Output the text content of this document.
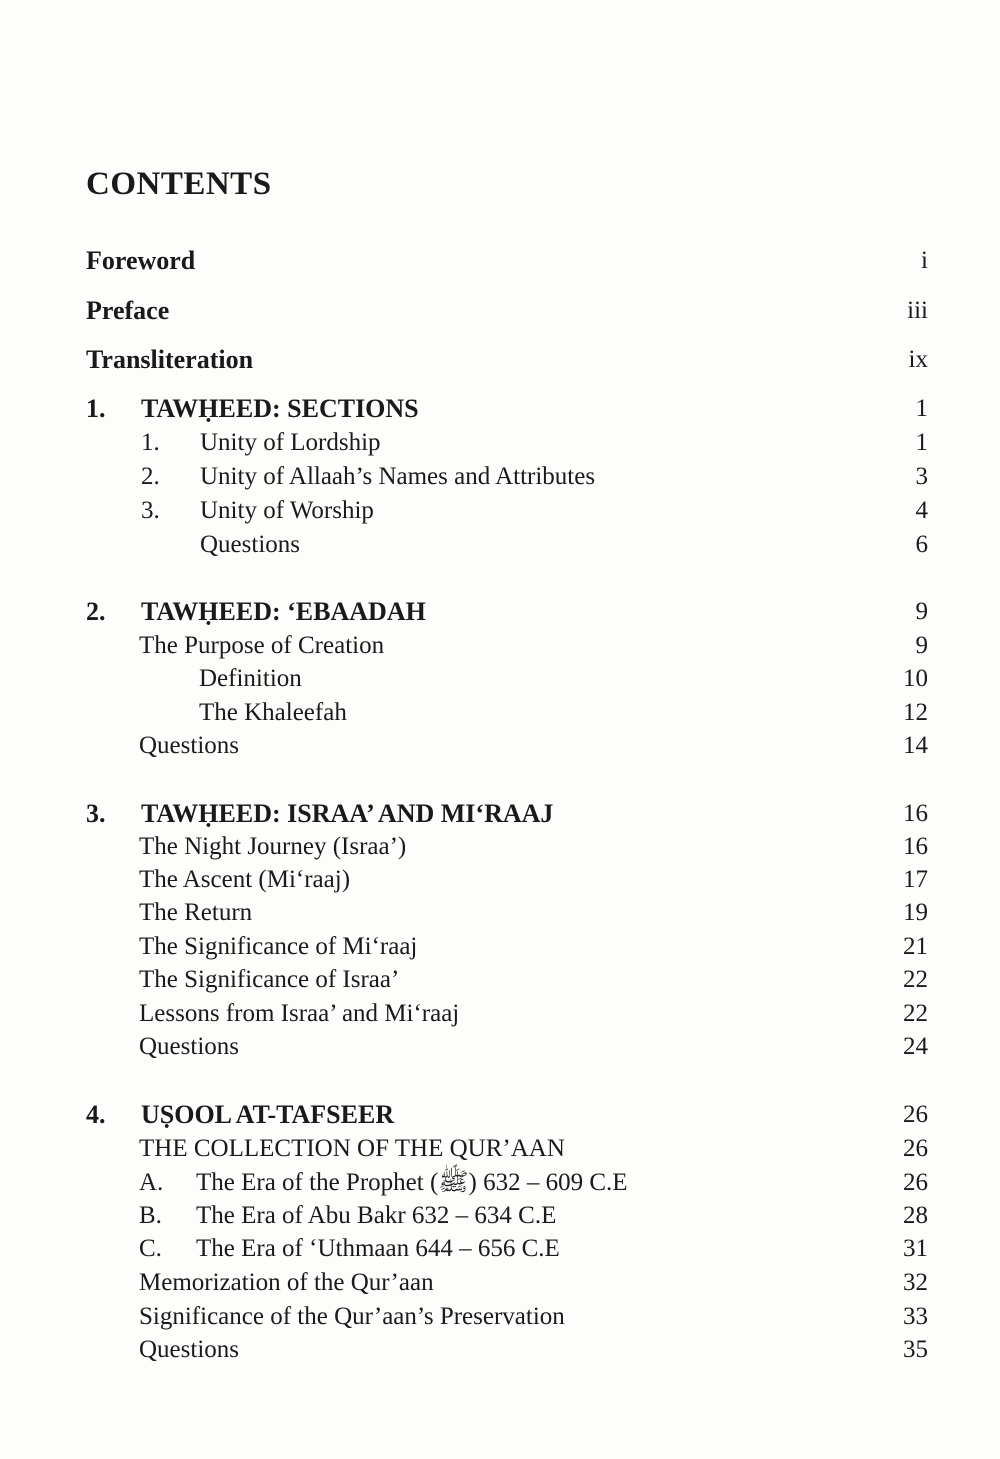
CONTENTS
Foreword	i
Preface	iii
Transliteration	ix
1. TAWḤEED: SECTIONS	1
1. Unity of Lordship	1
2. Unity of Allaah’s Names and Attributes	3
3. Unity of Worship	4
Questions	6
2. TAWḤEED: ‘EBAADAH	9
The Purpose of Creation	9
Definition	10
The Khaleefah	12
Questions	14
3. TAWḤEED: ISRAA’ AND MI‘RAAJ	16
The Night Journey (Israa’)	16
The Ascent (Mi‘raaj)	17
The Return	19
The Significance of Mi‘raaj	21
The Significance of Israa’	22
Lessons from Israa’ and Mi‘raaj	22
Questions	24
4. UṢOOL AT-TAFSEER	26
THE COLLECTION OF THE QUR’AAN	26
A. The Era of the Prophet (ﷺ) 609 – 632 C.E	26
B. The Era of Abu Bakr 632 – 634 C.E	28
C. The Era of ‘Uthmaan 644 – 656 C.E	31
Memorization of the Qur’aan	32
Significance of the Qur’aan’s Preservation	33
Questions	35
